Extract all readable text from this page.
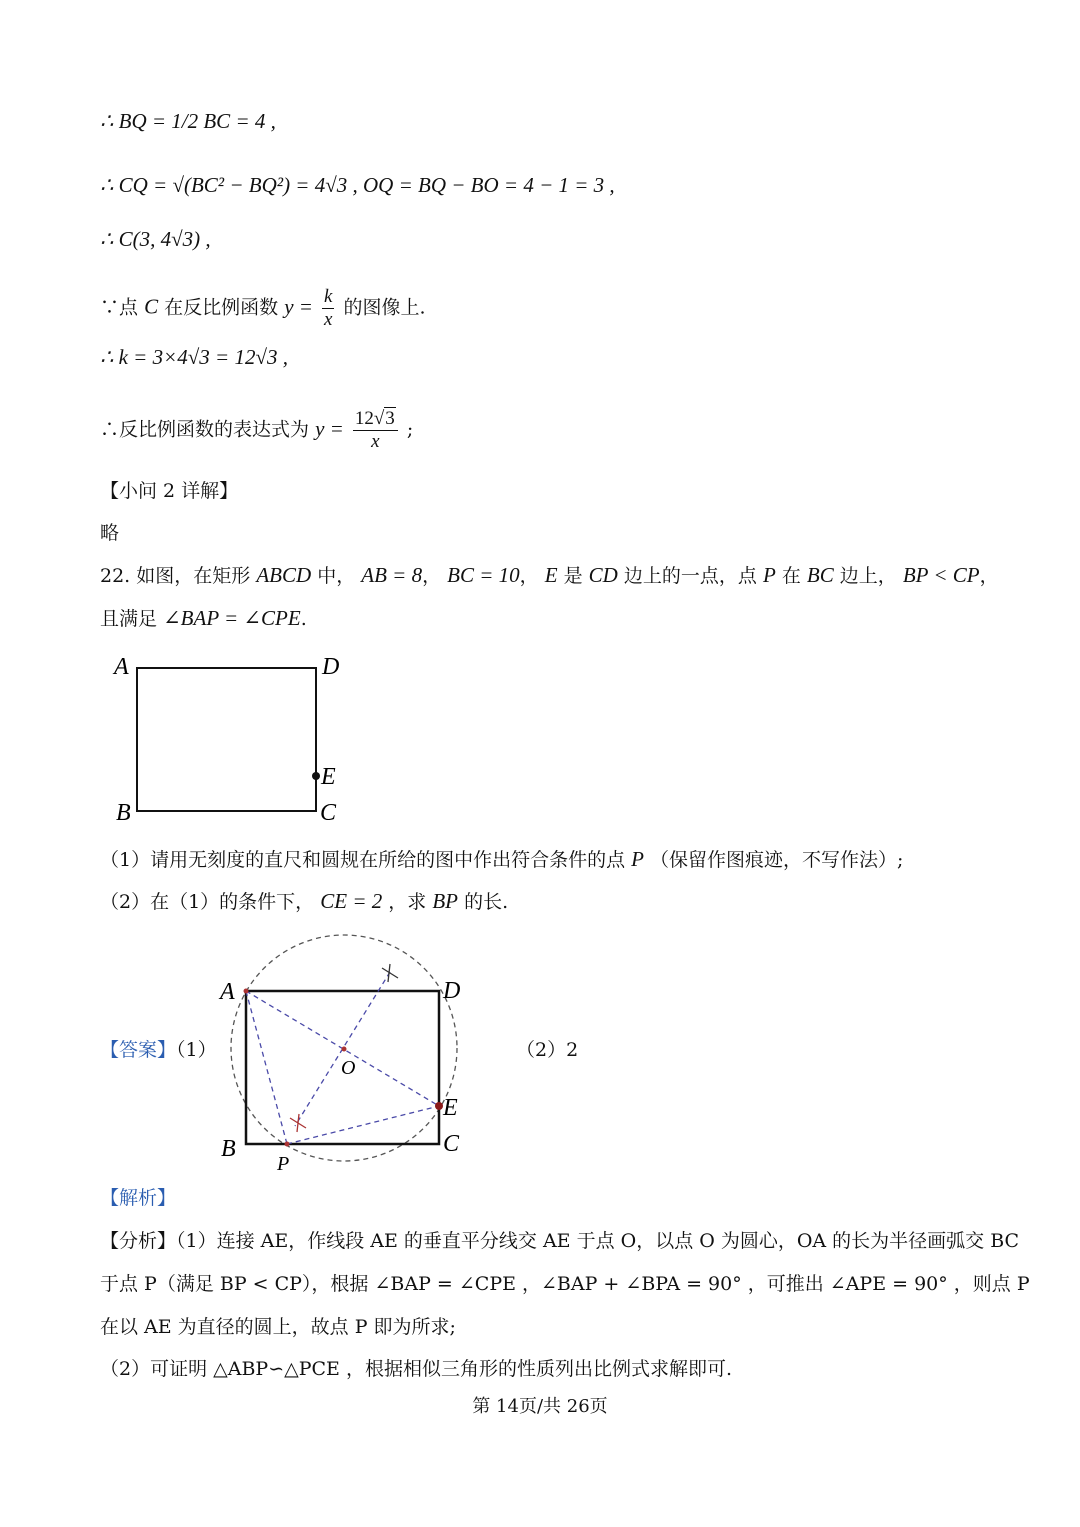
∴ BQ = 1/2 BC = 4 ,
∴ CQ = √(BC² − BQ²) = 4√3 , OQ = BQ − BO = 4 − 1 = 3 ,
∴ C(3, 4√3) ,
∵点 C 在反比例函数 $y = \frac{k}{x}$ 的图像上.
∴ k = 3×4√3 = 12√3 ,
∴反比例函数的表达式为 $y = \frac{12√3}{x}$ ;
【小问 2 详解】
略
22. 如图，在矩形 ABCD 中， AB = 8， BC = 10， E 是 CD 边上的一点，点 P 在 BC 边上， BP < CP，
且满足 ∠BAP = ∠CPE.
A	D
E
B	C
（1）请用无刻度的直尺和圆规在所给的图中作出符合条件的点 P （保留作图痕迹，不写作法）;
（2）在（1）的条件下， CE = 2 ，求 BP 的长.
【答案】（1）	（2）2
A	D
O
E
B	C
P
【解析】
【分析】（1）连接 AE，作线段 AE 的垂直平分线交 AE 于点 O，以点 O 为圆心，OA 的长为半径画弧交 BC
于点 P（满足 BP < CP），根据 ∠BAP = ∠CPE ，∠BAP + ∠BPA = 90° ，可推出 ∠APE = 90° ，则点 P
在以 AE 为直径的圆上，故点 P 即为所求;
（2）可证明 △ABP∽△PCE ，根据相似三角形的性质列出比例式求解即可.
第 14页/共 26页
